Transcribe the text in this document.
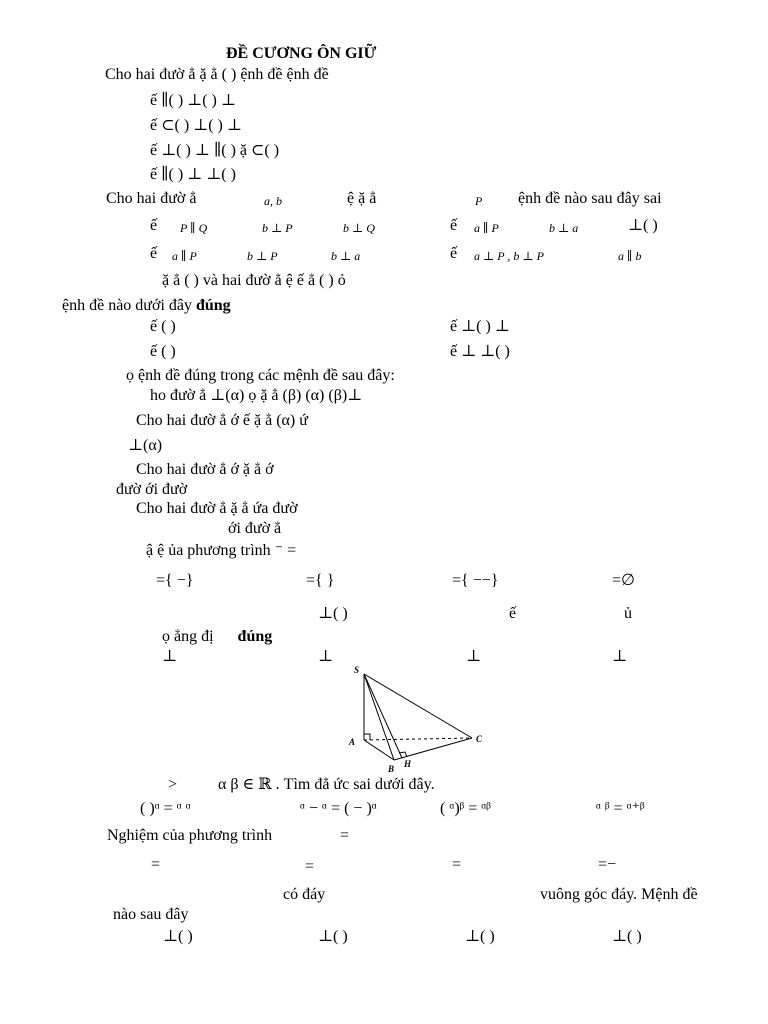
ĐỀ CƯƠNG ÔN GIỮ
Cho hai đườ ẳ ặ ẳ ( ) ệnh đề ệnh đề
ế ∥( ) ⊥( ) ⊥
ế ⊂( ) ⊥( ) ⊥
ế ⊥( ) ⊥ ∥( ) ặ ⊂( )
ế ∥( ) ⊥ ⊥( )
Cho hai đườ ẳ	a, b	ệ ặ ẳ	P ệnh đề nào sau đây sai
ế P ∥ Q	b ⊥ P	b ⊥ Q	ế a ∥ P	b ⊥ a	⊥( )
ế a ∥ P	b ⊥ P	b ⊥ a	ế a ⊥ P , b ⊥ P	a ∥ b
ặ ẳ ( ) và hai đườ ẳ ệ ế ẳ ( ) ỏ
ệnh đề nào dưới đây đúng
ế ( )	ế ⊥( ) ⊥
ế ( )	ế ⊥ ⊥( )
ọ ệnh đề đúng trong các mệnh đề sau đây:
ho đườ ẳ ⊥(α) ọ ặ ẳ (β) (α) (β)⊥
Cho hai đườ ẳ ớ ế ặ ẳ (α) ứ
⊥(α)
Cho hai đườ ẳ ớ ặ ẳ ớ
đườ ới đườ
Cho hai đườ ẳ ặ ẳ ứa đườ
ới đườ ẳ
ậ ệ ủa phương trình ⁻ =
={ −}	={ }	={ −−}	=∅
⊥( )	ế	ủ
ọ ẳng đị đúng
⊥	⊥	⊥	⊥
S
A
B
C
H
>	α β ∈ ℝ . Tìm đẳ ức sai dưới đây.
( )ᵅ = ᵅ ᵅ	ᵅ − ᵅ = ( − )ᵅ	( ᵅ)ᵝ = ᵅᵝ	ᵅ ᵝ = ᵅ⁺ᵝ
Nghiệm của phương trình	=
=	=	=	=−
có đáy	vuông góc đáy. Mệnh đề
nào sau đây
⊥( )	⊥( )	⊥( )	⊥( )
